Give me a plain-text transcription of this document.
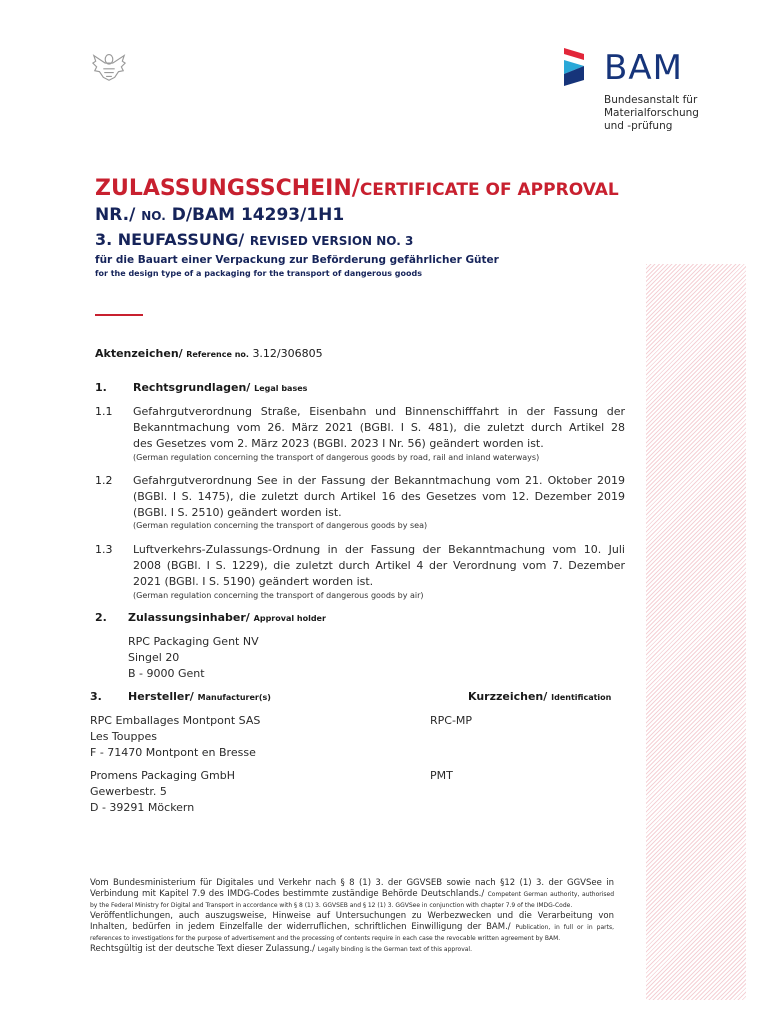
BAM
Bundesanstalt für
Materialforschung
und -prüfung
ZULASSUNGSSCHEIN/CERTIFICATE OF APPROVAL
NR./ NO. D/BAM 14293/1H1
3. NEUFASSUNG/ REVISED VERSION NO. 3
für die Bauart einer Verpackung zur Beförderung gefährlicher Güter
for the design type of a packaging for the transport of dangerous goods
Aktenzeichen/ Reference no. 3.12/306805
1. Rechtsgrundlagen/ Legal bases
1.1 Gefahrgutverordnung Straße, Eisenbahn und Binnenschifffahrt in der Fassung der
Bekanntmachung vom 26. März 2021 (BGBl. I S. 481), die zuletzt durch Artikel 28
des Gesetzes vom 2. März 2023 (BGBl. 2023 I Nr. 56) geändert worden ist.
(German regulation concerning the transport of dangerous goods by road, rail and inland waterways)
1.2 Gefahrgutverordnung See in der Fassung der Bekanntmachung vom 21. Oktober 2019
(BGBl. I S. 1475), die zuletzt durch Artikel 16 des Gesetzes vom 12. Dezember 2019
(BGBl. I S. 2510) geändert worden ist.
(German regulation concerning the transport of dangerous goods by sea)
1.3 Luftverkehrs-Zulassungs-Ordnung in der Fassung der Bekanntmachung vom 10. Juli
2008 (BGBl. I S. 1229), die zuletzt durch Artikel 4 der Verordnung vom 7. Dezember
2021 (BGBl. I S. 5190) geändert worden ist.
(German regulation concerning the transport of dangerous goods by air)
2. Zulassungsinhaber/ Approval holder
RPC Packaging Gent NV
Singel 20
B - 9000 Gent
3. Hersteller/ Manufacturer(s)	Kurzzeichen/ Identification
RPC Emballages Montpont SAS
Les Touppes
F - 71470 Montpont en Bresse
RPC-MP
Promens Packaging GmbH
Gewerbestr. 5
D - 39291 Möckern
PMT

Vom Bundesministerium für Digitales und Verkehr nach § 8 (1) 3. der GGVSEB sowie nach §12 (1) 3. der GGVSee in Verbindung mit Kapitel 7.9 des IMDG-Codes bestimmte zuständige Behörde Deutschlands./ Competent German authority, authorised by the Federal Ministry for Digital and Transport in accordance with § 8 (1) 3. GGVSEB and § 12 (1) 3. GGVSee in conjunction with chapter 7.9 of the IMDG-Code.

Veröffentlichungen, auch auszugsweise, Hinweise auf Untersuchungen zu Werbezwecken und die Verarbeitung von Inhalten, bedürfen in jedem Einzelfalle der widerruflichen, schriftlichen Einwilligung der BAM./ Publication, in full or in parts, references to investigations for the purpose of advertisement and the processing of contents require in each case the revocable written agreement by BAM.

Rechtsgültig ist der deutsche Text dieser Zulassung./ Legally binding is the German text of this approval.
